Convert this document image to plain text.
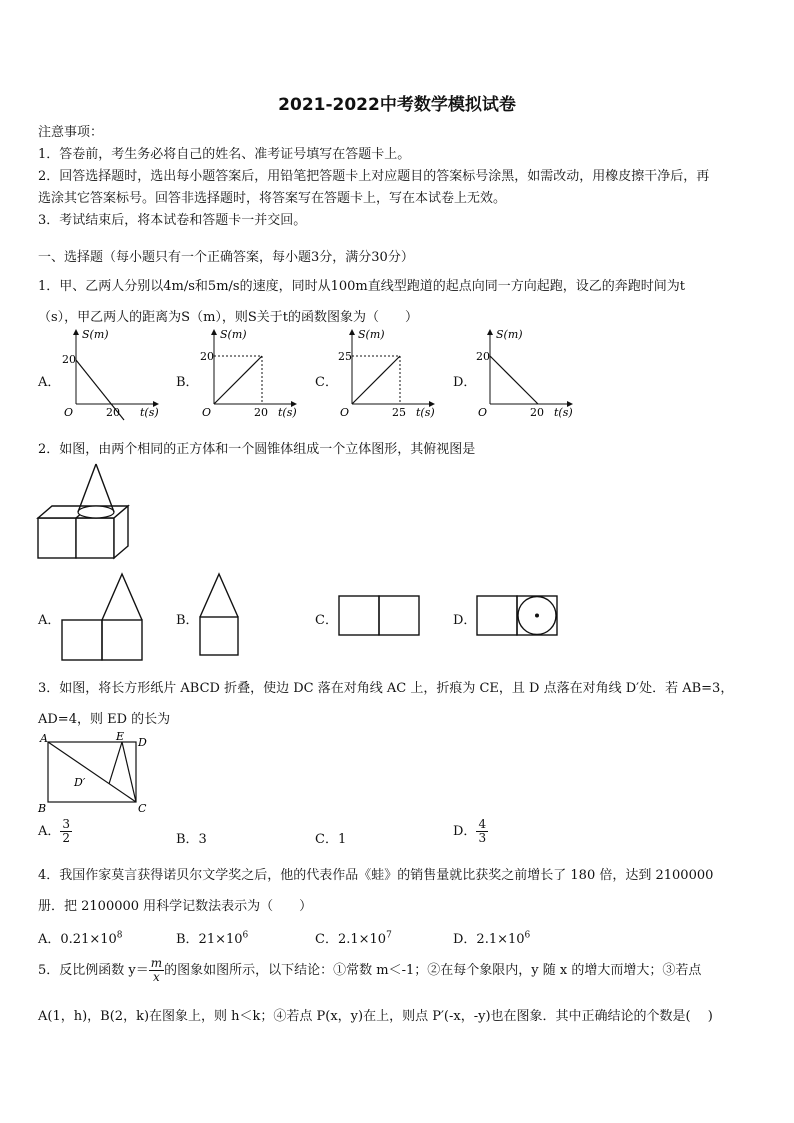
2021-2022中考数学模拟试卷
注意事项：
1．答卷前，考生务必将自己的姓名、准考证号填写在答题卡上。
2．回答选择题时，选出每小题答案后，用铅笔把答题卡上对应题目的答案标号涂黑，如需改动，用橡皮擦干净后，再
选涂其它答案标号。回答非选择题时，将答案写在答题卡上，写在本试卷上无效。
3．考试结束后，将本试卷和答题卡一并交回。
一、选择题（每小题只有一个正确答案，每小题3分，满分30分）
1．甲、乙两人分别以4m/s和5m/s的速度，同时从100m直线型跑道的起点向同一方向起跑，设乙的奔跑时间为t
（s），甲乙两人的距离为S（m），则S关于t的函数图象为（　　）
A．	B．	C．	D．
S(m)
20
O	20 t(s)
S(m)
20
O	20 t(s)
S(m)
25
O	25 t(s)
S(m)
20
O	20 t(s)
2．如图，由两个相同的正方体和一个圆锥体组成一个立体图形，其俯视图是
A．	B．	C．	D．
3．如图，将长方形纸片 ABCD 折叠，使边 DC 落在对角线 AC 上，折痕为 CE，且 D 点落在对角线 D′处．若 AB=3，
AD=4，则 ED 的长为
A
B	C
D
E
D′
A． $\frac{3}{2}$	B．3	C．1
D． $\frac{4}{3}$
4．我国作家莫言获得诺贝尔文学奖之后，他的代表作品《蛙》的销售量就比获奖之前增长了 180 倍，达到 2100000
册．把 2100000 用科学记数法表示为（　　）
A．$0.21\times 10^8$	B．$21\times 10^6$	C．$2.1\times 10^7$	D．$2.1\times 10^6$
5．反比例函数 $y= \frac{m}{x}$ 的图象如图所示，以下结论：①常数 m＜-1；②在每个象限内，y 随 x 的增大而增大；③若点
A(1，h)，B(2，k)在图象上，则 h＜k；④若点 P(x，y)在上，则点 P′(-x，-y)也在图象．其中正确结论的个数是(　 )
